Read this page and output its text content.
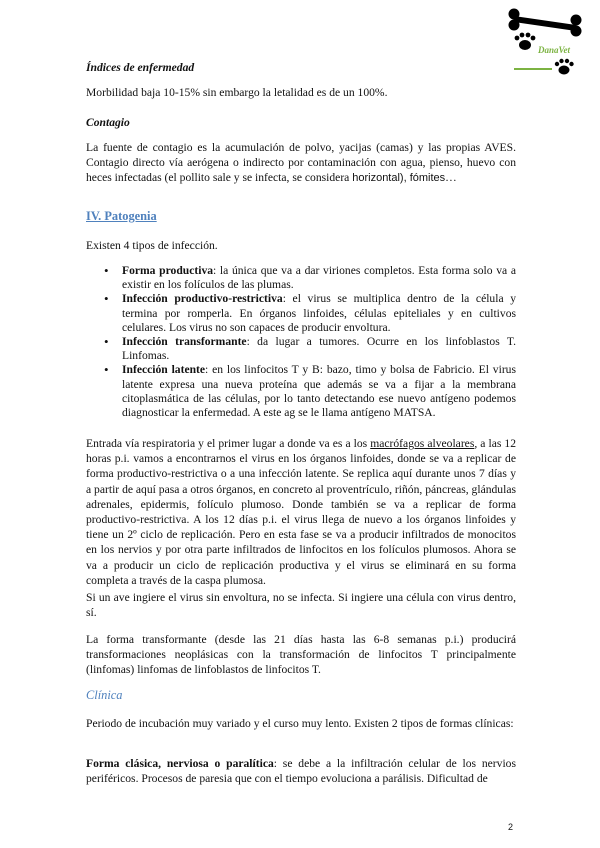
DanaVet
Índices de enfermedad
Morbilidad baja 10-15% sin embargo la letalidad es de un 100%.
Contagio
La fuente de contagio es la acumulación de polvo, yacijas (camas) y las propias AVES. Contagio directo vía aerógena o indirecto por contaminación con agua, pienso, huevo con heces infectadas (el pollito sale y se infecta, se considera horizontal), fómites…
IV. Patogenia
Existen 4 tipos de infección.
• Forma productiva: la única que va a dar viriones completos. Esta forma solo va a existir en los folículos de las plumas.
• Infección productivo-restrictiva: el virus se multiplica dentro de la célula y termina por romperla. En órganos linfoides, células epiteliales y en cultivos celulares. Los virus no son capaces de producir envoltura.
• Infección transformante: da lugar a tumores. Ocurre en los linfoblastos T. Linfomas.
• Infección latente: en los linfocitos T y B: bazo, timo y bolsa de Fabricio. El virus latente expresa una nueva proteína que además se va a fijar a la membrana citoplasmática de las células, por lo tanto detectando ese nuevo antígeno podemos diagnosticar la enfermedad. A este ag se le llama antígeno MATSA.
Entrada vía respiratoria y el primer lugar a donde va es a los macrófagos alveolares, a las 12 horas p.i. vamos a encontrarnos el virus en los órganos linfoides, donde se va a replicar de forma productivo-restrictiva o a una infección latente. Se replica aquí durante unos 7 días y a partir de aquí pasa a otros órganos, en concreto al proventrículo, riñón, páncreas, glándulas adrenales, epidermis, folículo plumoso. Donde también se va a replicar de forma productivo-restrictiva. A los 12 días p.i. el virus llega de nuevo a los órganos linfoides y tiene un 2º ciclo de replicación. Pero en esta fase se va a producir infiltrados de monocitos en los nervios y por otra parte infiltrados de linfocitos en los folículos plumosos. Ahora se va a producir un ciclo de replicación productiva y el virus se eliminará en su forma completa a través de la caspa plumosa.
Si un ave ingiere el virus sin envoltura, no se infecta. Si ingiere una célula con virus dentro, sí.
La forma transformante (desde las 21 días hasta las 6-8 semanas p.i.) producirá transformaciones neoplásicas con la transformación de linfocitos T principalmente (linfomas) linfomas de linfoblastos de linfocitos T.
Clínica
Periodo de incubación muy variado y el curso muy lento. Existen 2 tipos de formas clínicas:
Forma clásica, nerviosa o paralítica: se debe a la infiltración celular de los nervios periféricos. Procesos de paresia que con el tiempo evoluciona a parálisis. Dificultad de
2
